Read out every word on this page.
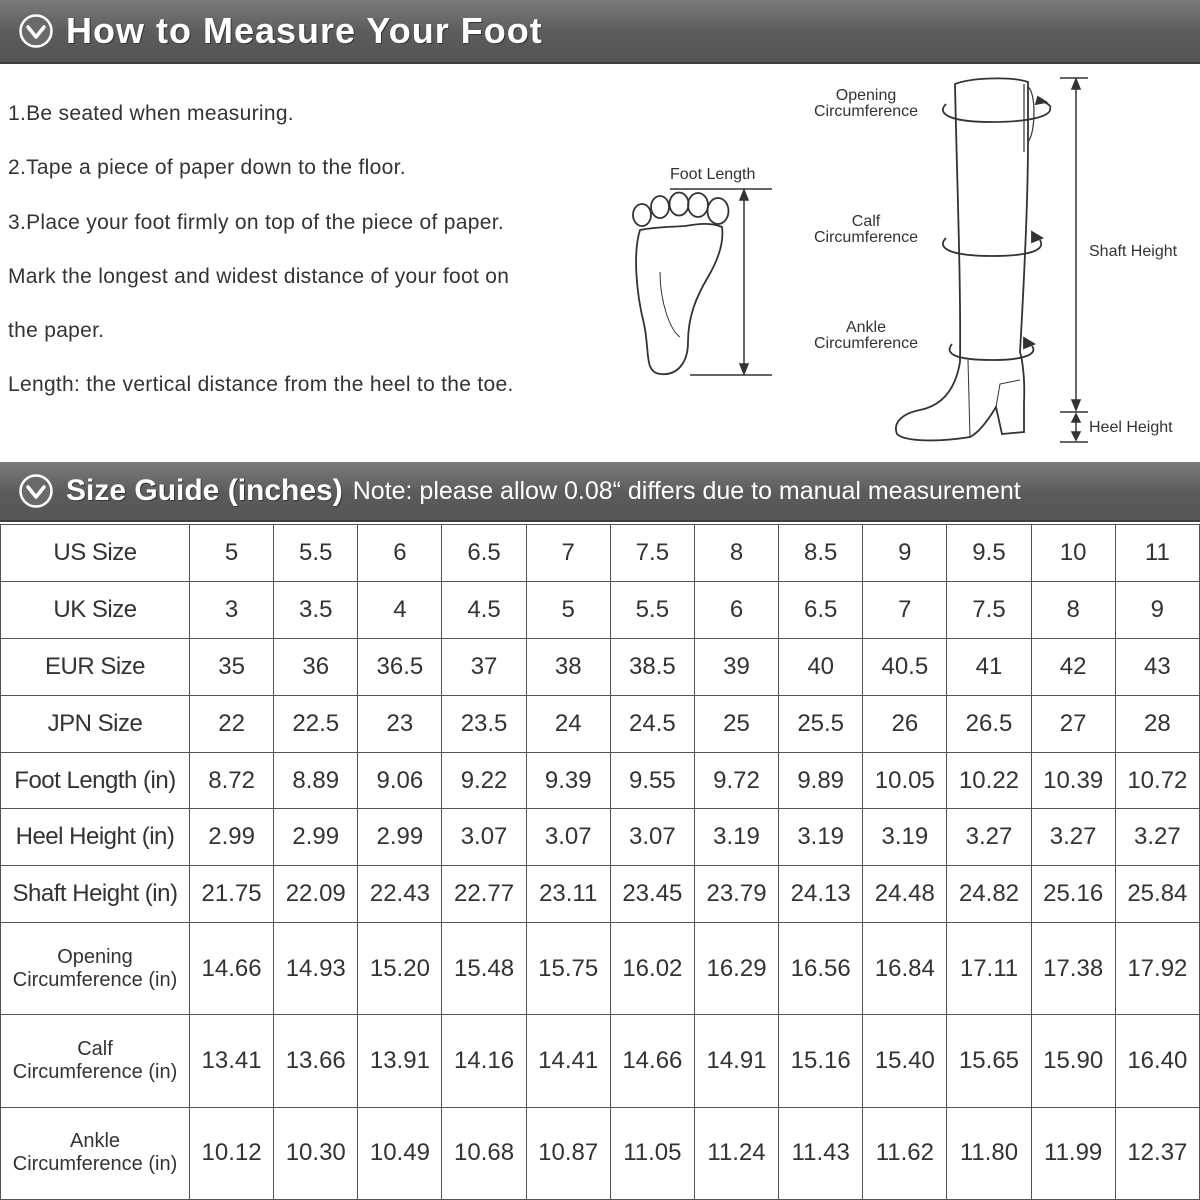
How to Measure Your Foot
1.Be seated when measuring.
2.Tape a piece of paper down to the floor.
3.Place your foot firmly on top of the piece of paper.
Mark the longest and widest distance of your foot on
the paper.
Length: the vertical distance from the heel to the toe.
Foot Length
Opening
Circumference
Calf
Circumference
Ankle
Circumference
Shaft Height
Heel Height
Size Guide (inches) Note: please allow 0.08“ differs due to manual measurement
US Size	5	5.5	6	6.5	7	7.5	8	8.5	9	9.5	10	11
UK Size	3	3.5	4	4.5	5	5.5	6	6.5	7	7.5	8	9
EUR Size	35	36	36.5	37	38	38.5	39	40	40.5	41	42	43
JPN Size	22	22.5	23	23.5	24	24.5	25	25.5	26	26.5	27	28
Foot Length (in)	8.72	8.89	9.06	9.22	9.39	9.55	9.72	9.89	10.05	10.22	10.39	10.72
Heel Height (in)	2.99	2.99	2.99	3.07	3.07	3.07	3.19	3.19	3.19	3.27	3.27	3.27
Shaft Height (in)	21.75	22.09	22.43	22.77	23.11	23.45	23.79	24.13	24.48	24.82	25.16	25.84

Opening
Circumference (in)	14.66	14.93	15.20	15.48	15.75	16.02	16.29	16.56	16.84	17.11	17.38	17.92

Calf
Circumference (in)	13.41	13.66	13.91	14.16	14.41	14.66	14.91	15.16	15.40	15.65	15.90	16.40

Ankle
Circumference (in)	10.12	10.30	10.49	10.68	10.87	11.05	11.24	11.43	11.62	11.80	11.99	12.37
